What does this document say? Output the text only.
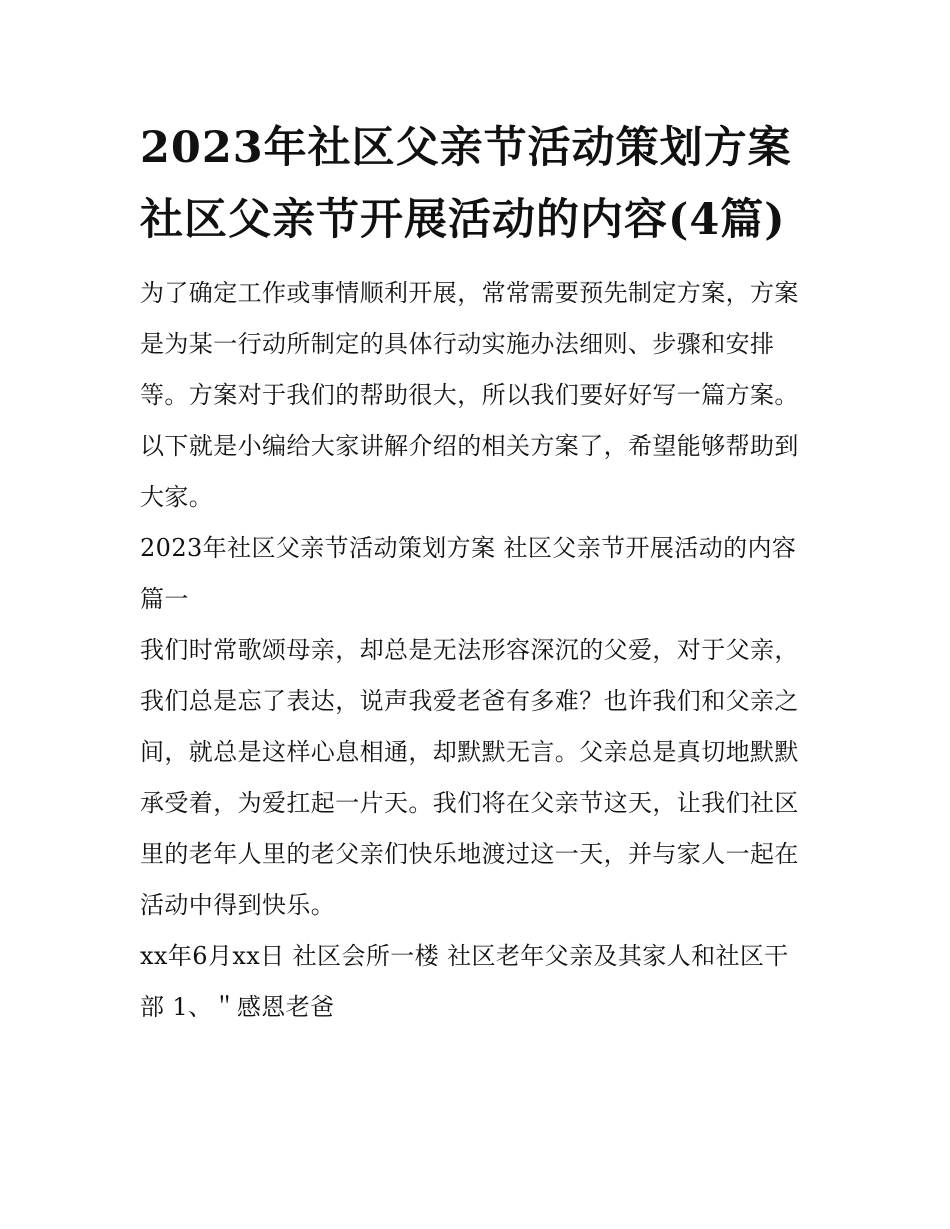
2023年社区父亲节活动策划方案 社区父亲节开展活动的内容(4篇)

为了确定工作或事情顺利开展，常常需要预先制定方案，方案是为某一行动所制定的具体行动实施办法细则、步骤和安排等。方案对于我们的帮助很大，所以我们要好好写一篇方案。以下就是小编给大家讲解介绍的相关方案了，希望能够帮助到大家。

2023年社区父亲节活动策划方案 社区父亲节开展活动的内容篇一

我们时常歌颂母亲，却总是无法形容深沉的父爱，对于父亲，我们总是忘了表达，说声我爱老爸有多难？也许我们和父亲之间，就总是这样心息相通，却默默无言。父亲总是真切地默默承受着，为爱扛起一片天。我们将在父亲节这天，让我们社区里的老年人里的老父亲们快乐地渡过这一天，并与家人一起在活动中得到快乐。

xx年6月xx日 社区会所一楼 社区老年父亲及其家人和社区干部 1、＂感恩老爸
